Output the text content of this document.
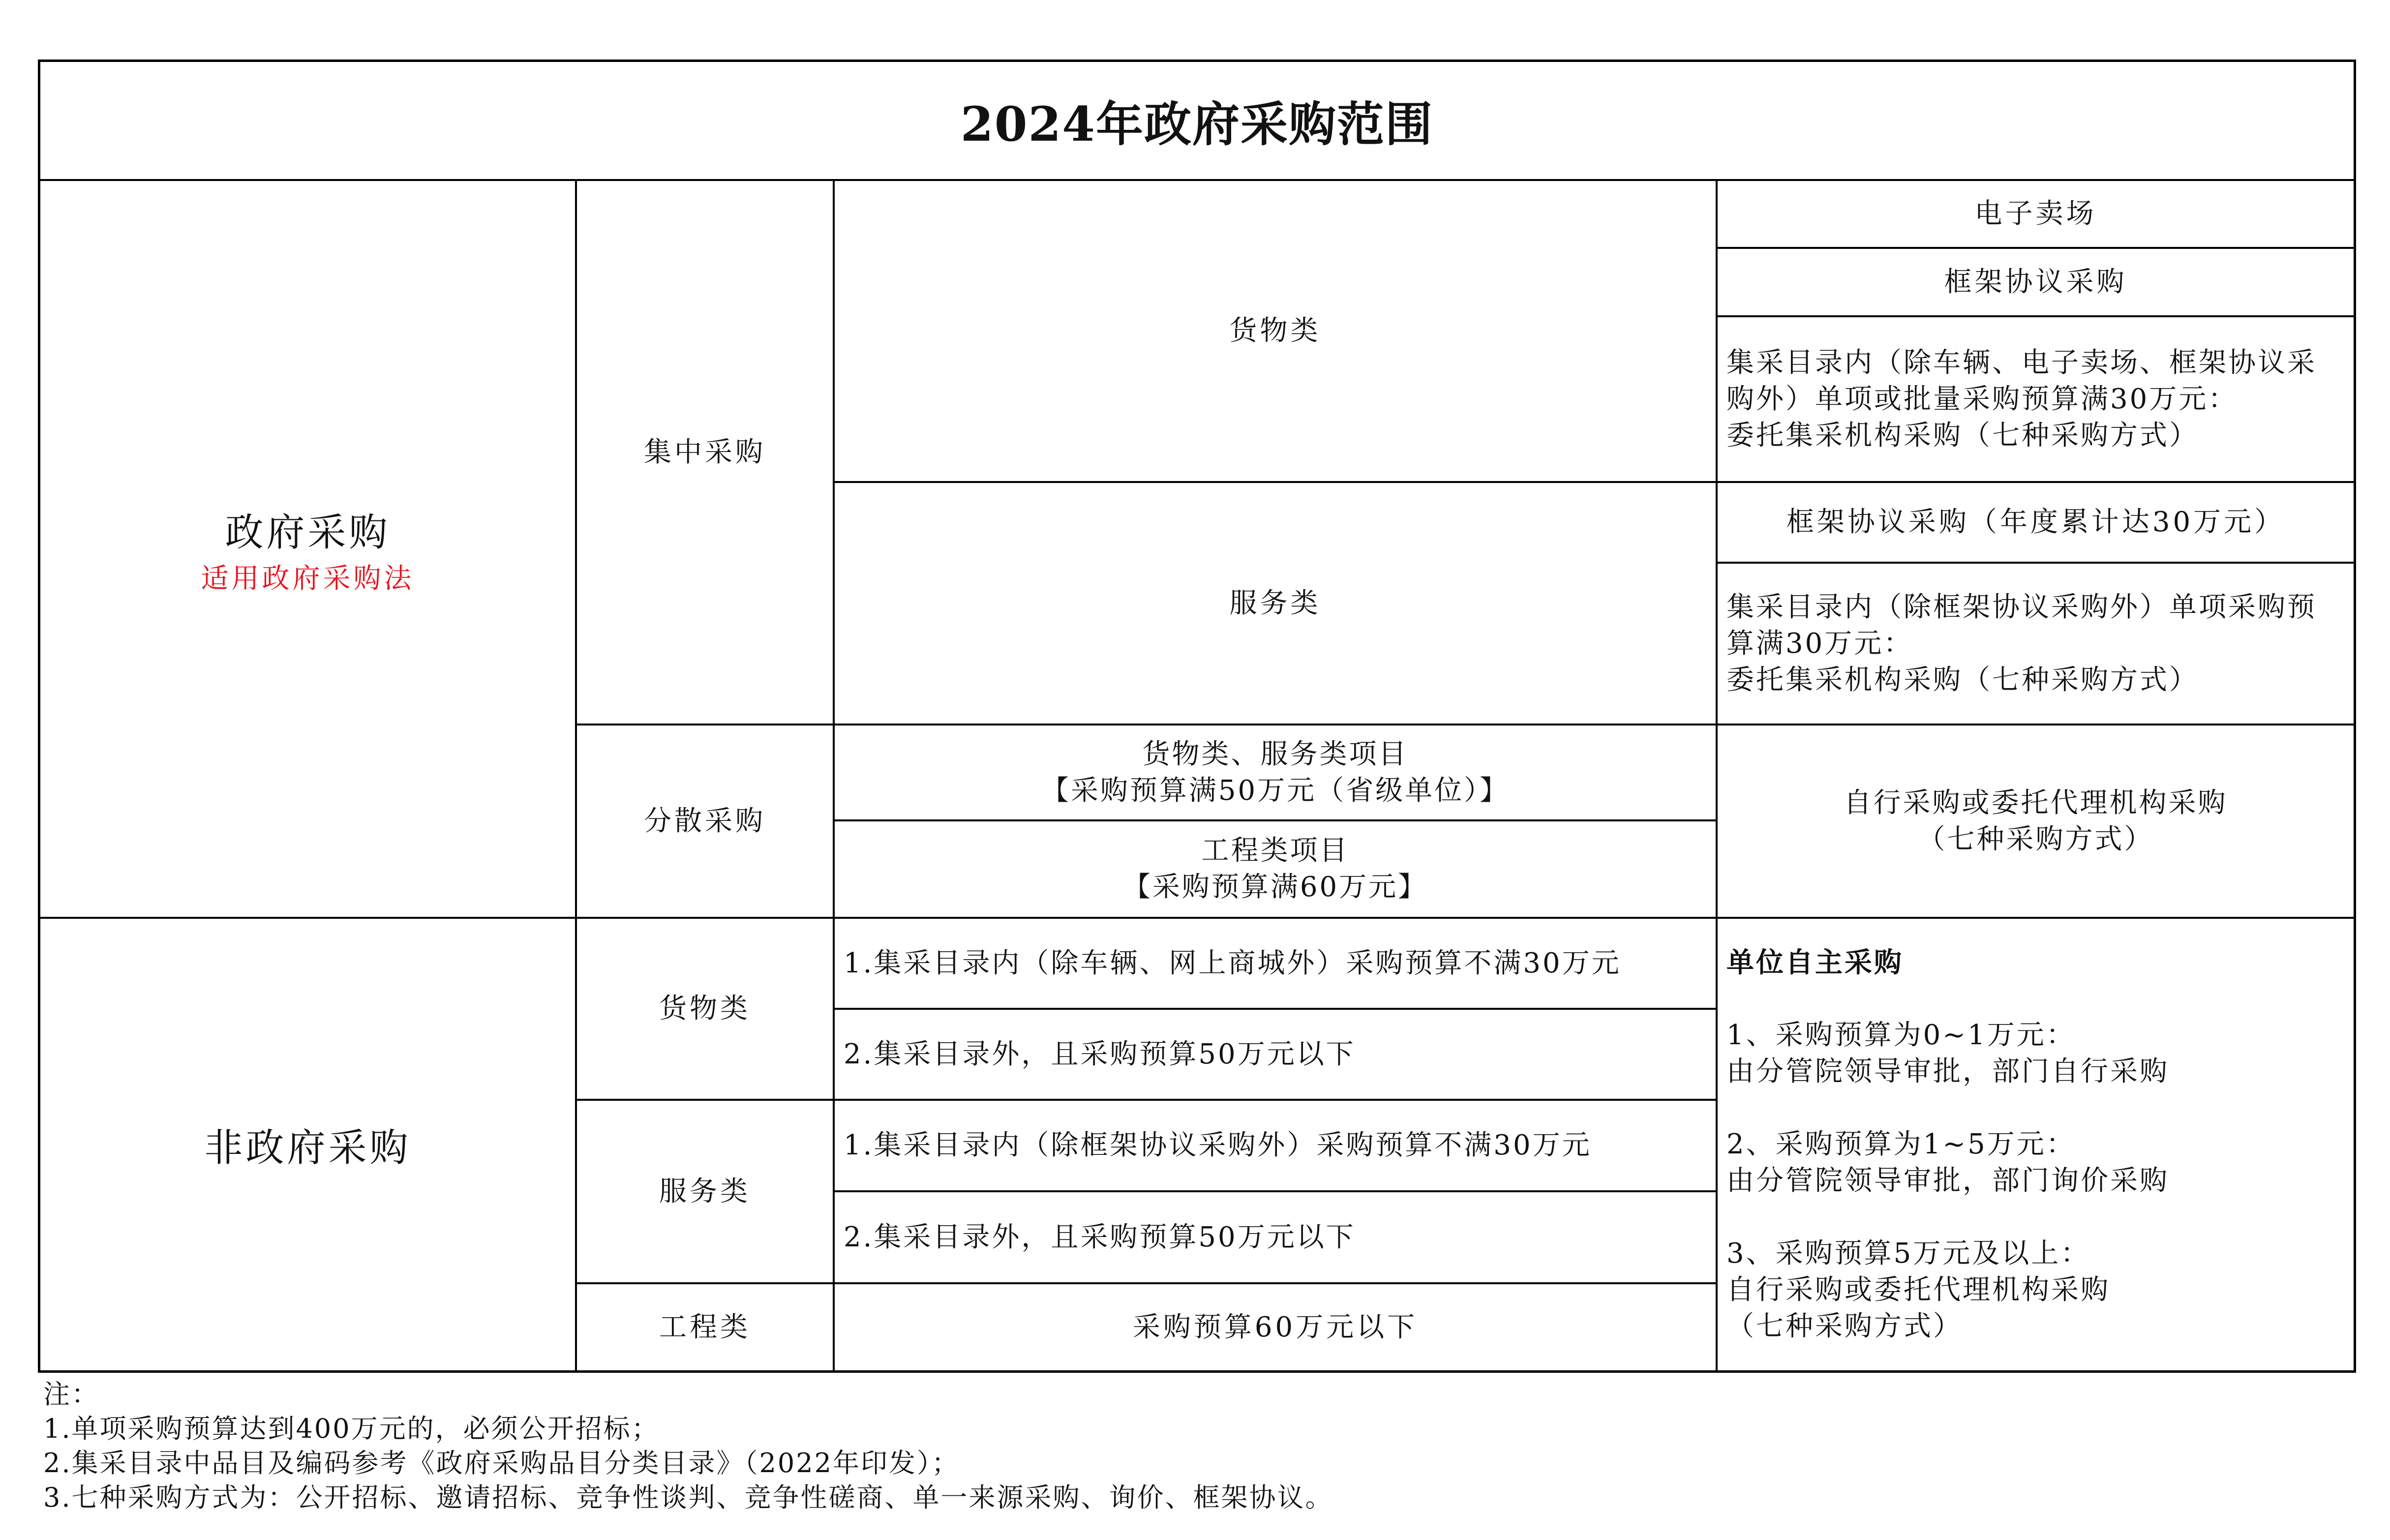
2024年政府采购范围
政府采购
适用政府采购法
集中采购
货物类
电子卖场
框架协议采购
集采目录内（除车辆、电子卖场、框架协议采
购外）单项或批量采购预算满30万元：
委托集采机构采购（七种采购方式）
服务类
框架协议采购（年度累计达30万元）
集采目录内（除框架协议采购外）单项采购预
算满30万元：
委托集采机构采购（七种采购方式）
分散采购
货物类、服务类项目
【采购预算满50万元（省级单位）】
工程类项目
【采购预算满60万元】
自行采购或委托代理机构采购
（七种采购方式）
非政府采购
货物类
1.集采目录内（除车辆、网上商城外）采购预算不满30万元
2.集采目录外，且采购预算50万元以下
服务类
1.集采目录内（除框架协议采购外）采购预算不满30万元
2.集采目录外，且采购预算50万元以下
工程类	采购预算60万元以下
单位自主采购
1、采购预算为0~1万元：
由分管院领导审批，部门自行采购
2、采购预算为1~5万元：
由分管院领导审批，部门询价采购
3、采购预算5万元及以上：
自行采购或委托代理机构采购
（七种采购方式）
注：
1.单项采购预算达到400万元的，必须公开招标；
2.集采目录中品目及编码参考《政府采购品目分类目录》（2022年印发）；
3.七种采购方式为：公开招标、邀请招标、竞争性谈判、竞争性磋商、单一来源采购、询价、框架协议。
